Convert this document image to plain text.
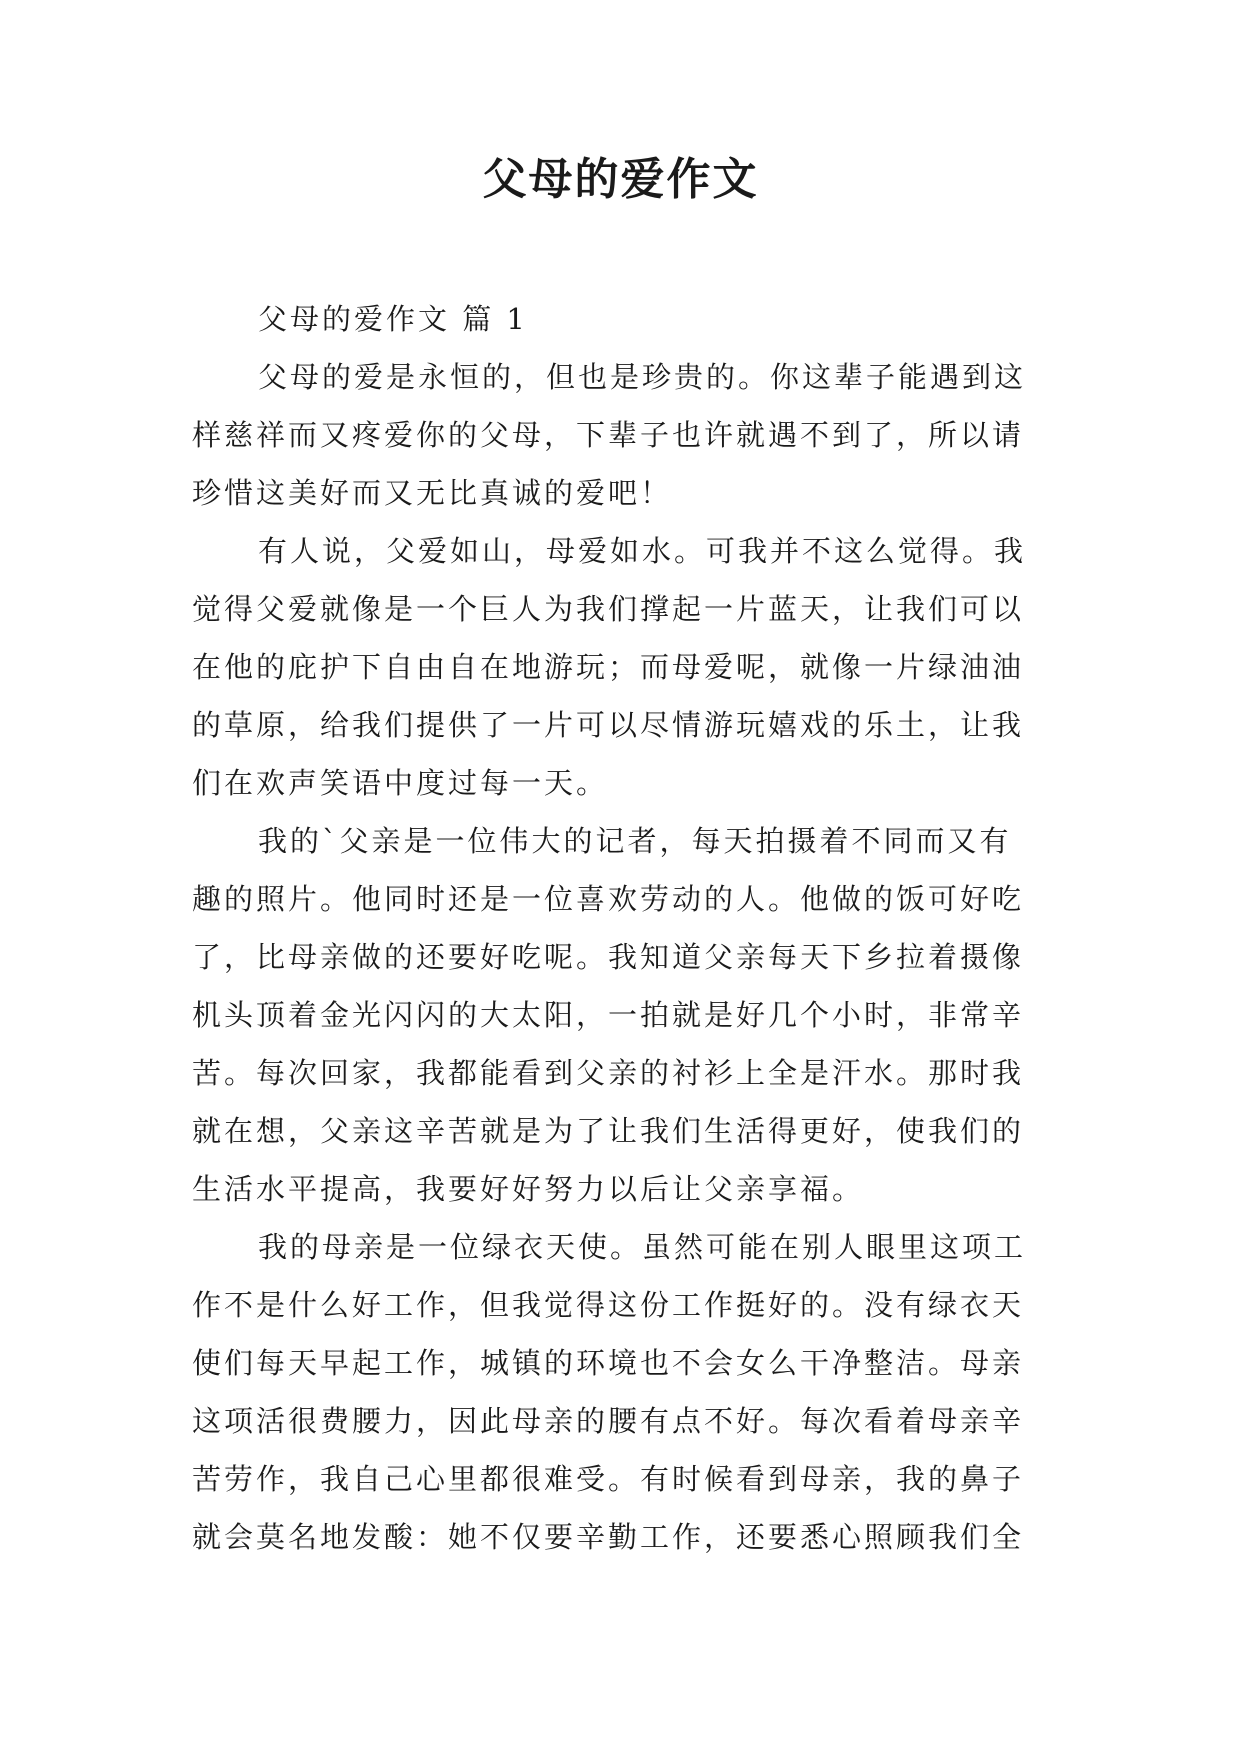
父母的爱作文
父母的爱作文 篇 1
父母的爱是永恒的，但也是珍贵的。你这辈子能遇到这
样慈祥而又疼爱你的父母，下辈子也许就遇不到了，所以请
珍惜这美好而又无比真诚的爱吧！
有人说，父爱如山，母爱如水。可我并不这么觉得。我
觉得父爱就像是一个巨人为我们撑起一片蓝天，让我们可以
在他的庇护下自由自在地游玩；而母爱呢，就像一片绿油油
的草原，给我们提供了一片可以尽情游玩嬉戏的乐土，让我
们在欢声笑语中度过每一天。
我的`父亲是一位伟大的记者，每天拍摄着不同而又有
趣的照片。他同时还是一位喜欢劳动的人。他做的饭可好吃
了，比母亲做的还要好吃呢。我知道父亲每天下乡拉着摄像
机头顶着金光闪闪的大太阳，一拍就是好几个小时，非常辛
苦。每次回家，我都能看到父亲的衬衫上全是汗水。那时我
就在想，父亲这辛苦就是为了让我们生活得更好，使我们的
生活水平提高，我要好好努力以后让父亲享福。
我的母亲是一位绿衣天使。虽然可能在别人眼里这项工
作不是什么好工作，但我觉得这份工作挺好的。没有绿衣天
使们每天早起工作，城镇的环境也不会女么干净整洁。母亲
这项活很费腰力，因此母亲的腰有点不好。每次看着母亲辛
苦劳作，我自己心里都很难受。有时候看到母亲，我的鼻子
就会莫名地发酸：她不仅要辛勤工作，还要悉心照顾我们全
